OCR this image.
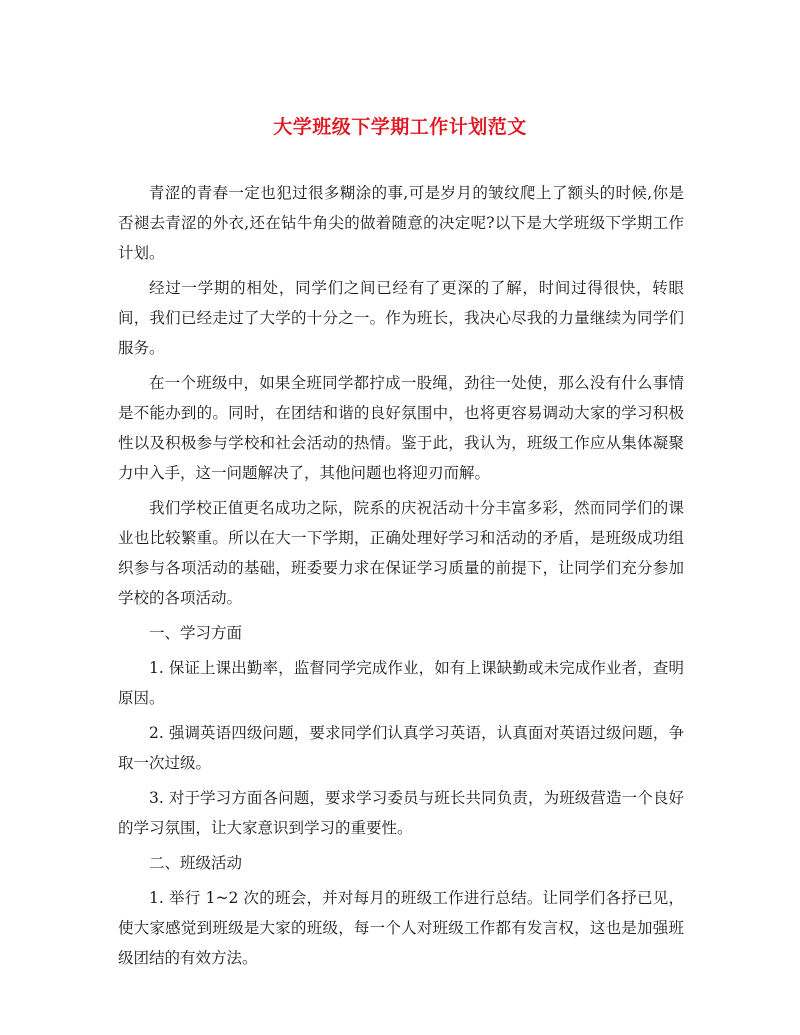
大学班级下学期工作计划范文

青涩的青春一定也犯过很多糊涂的事,可是岁月的皱纹爬上了额头的时候,你是否褪去青涩的外衣,还在钻牛角尖的做着随意的决定呢?以下是大学班级下学期工作计划。

经过一学期的相处，同学们之间已经有了更深的了解，时间过得很快，转眼间，我们已经走过了大学的十分之一。作为班长，我决心尽我的力量继续为同学们服务。

在一个班级中，如果全班同学都拧成一股绳，劲往一处使，那么没有什么事情是不能办到的。同时，在团结和谐的良好氛围中，也将更容易调动大家的学习积极性以及积极参与学校和社会活动的热情。鉴于此，我认为，班级工作应从集体凝聚力中入手，这一问题解决了，其他问题也将迎刃而解。

我们学校正值更名成功之际，院系的庆祝活动十分丰富多彩，然而同学们的课业也比较繁重。所以在大一下学期，正确处理好学习和活动的矛盾，是班级成功组织参与各项活动的基础，班委要力求在保证学习质量的前提下，让同学们充分参加学校的各项活动。

一、学习方面

1. 保证上课出勤率，监督同学完成作业，如有上课缺勤或未完成作业者，查明原因。

2. 强调英语四级问题，要求同学们认真学习英语，认真面对英语过级问题，争取一次过级。

3. 对于学习方面各问题，要求学习委员与班长共同负责，为班级营造一个良好的学习氛围，让大家意识到学习的重要性。

二、班级活动

1. 举行 1~2 次的班会，并对每月的班级工作进行总结。让同学们各抒已见，使大家感觉到班级是大家的班级，每一个人对班级工作都有发言权，这也是加强班级团结的有效方法。
